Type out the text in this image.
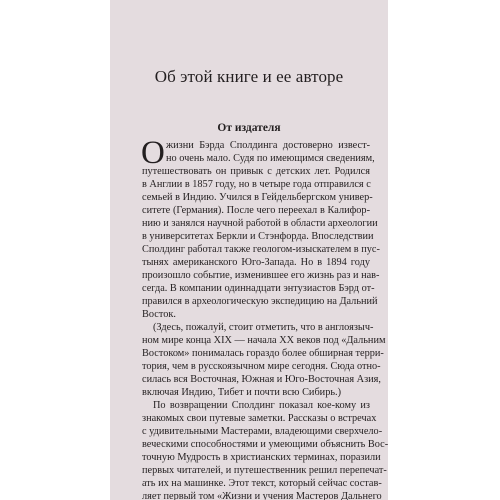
Об этой книге и ее авторе
От издателя
О жизни Бэрда Сполдинга достоверно извест-
но очень мало. Судя по имеющимся сведениям,
путешествовать он привык с детских лет. Родился
в Англии в 1857 году, но в четыре года отправился с
семьей в Индию. Учился в Гейдельбергском универ-
ситете (Германия). После чего переехал в Калифор-
нию и занялся научной работой в области археологии
в университетах Беркли и Стэнфорда. Впоследствии
Сполдинг работал также геологом-изыскателем в пус-
тынях американского Юго-Запада. Но в 1894 году
произошло событие, изменившее его жизнь раз и нав-
сегда. В компании одиннадцати энтузиастов Бэрд от-
правился в археологическую экспедицию на Дальний
Восток.
(Здесь, пожалуй, стоит отметить, что в англоязыч-
ном мире конца XIX — начала XX веков под «Дальним
Востоком» понималась гораздо более обширная терри-
тория, чем в русскоязычном мире сегодня. Сюда отно-
силась вся Восточная, Южная и Юго-Восточная Азия,
включая Индию, Тибет и почти всю Сибирь.)
По возвращении Сполдинг показал кое-кому из
знакомых свои путевые заметки. Рассказы о встречах
с удивительными Мастерами, владеющими сверхчело-
веческими способностями и умеющими объяснить Вос-
точную Мудрость в христианских терминах, поразили
первых читателей, и путешественник решил перепечат-
ать их на машинке. Этот текст, который сейчас состав-
ляет первый том «Жизни и учения Мастеров Дальнего
